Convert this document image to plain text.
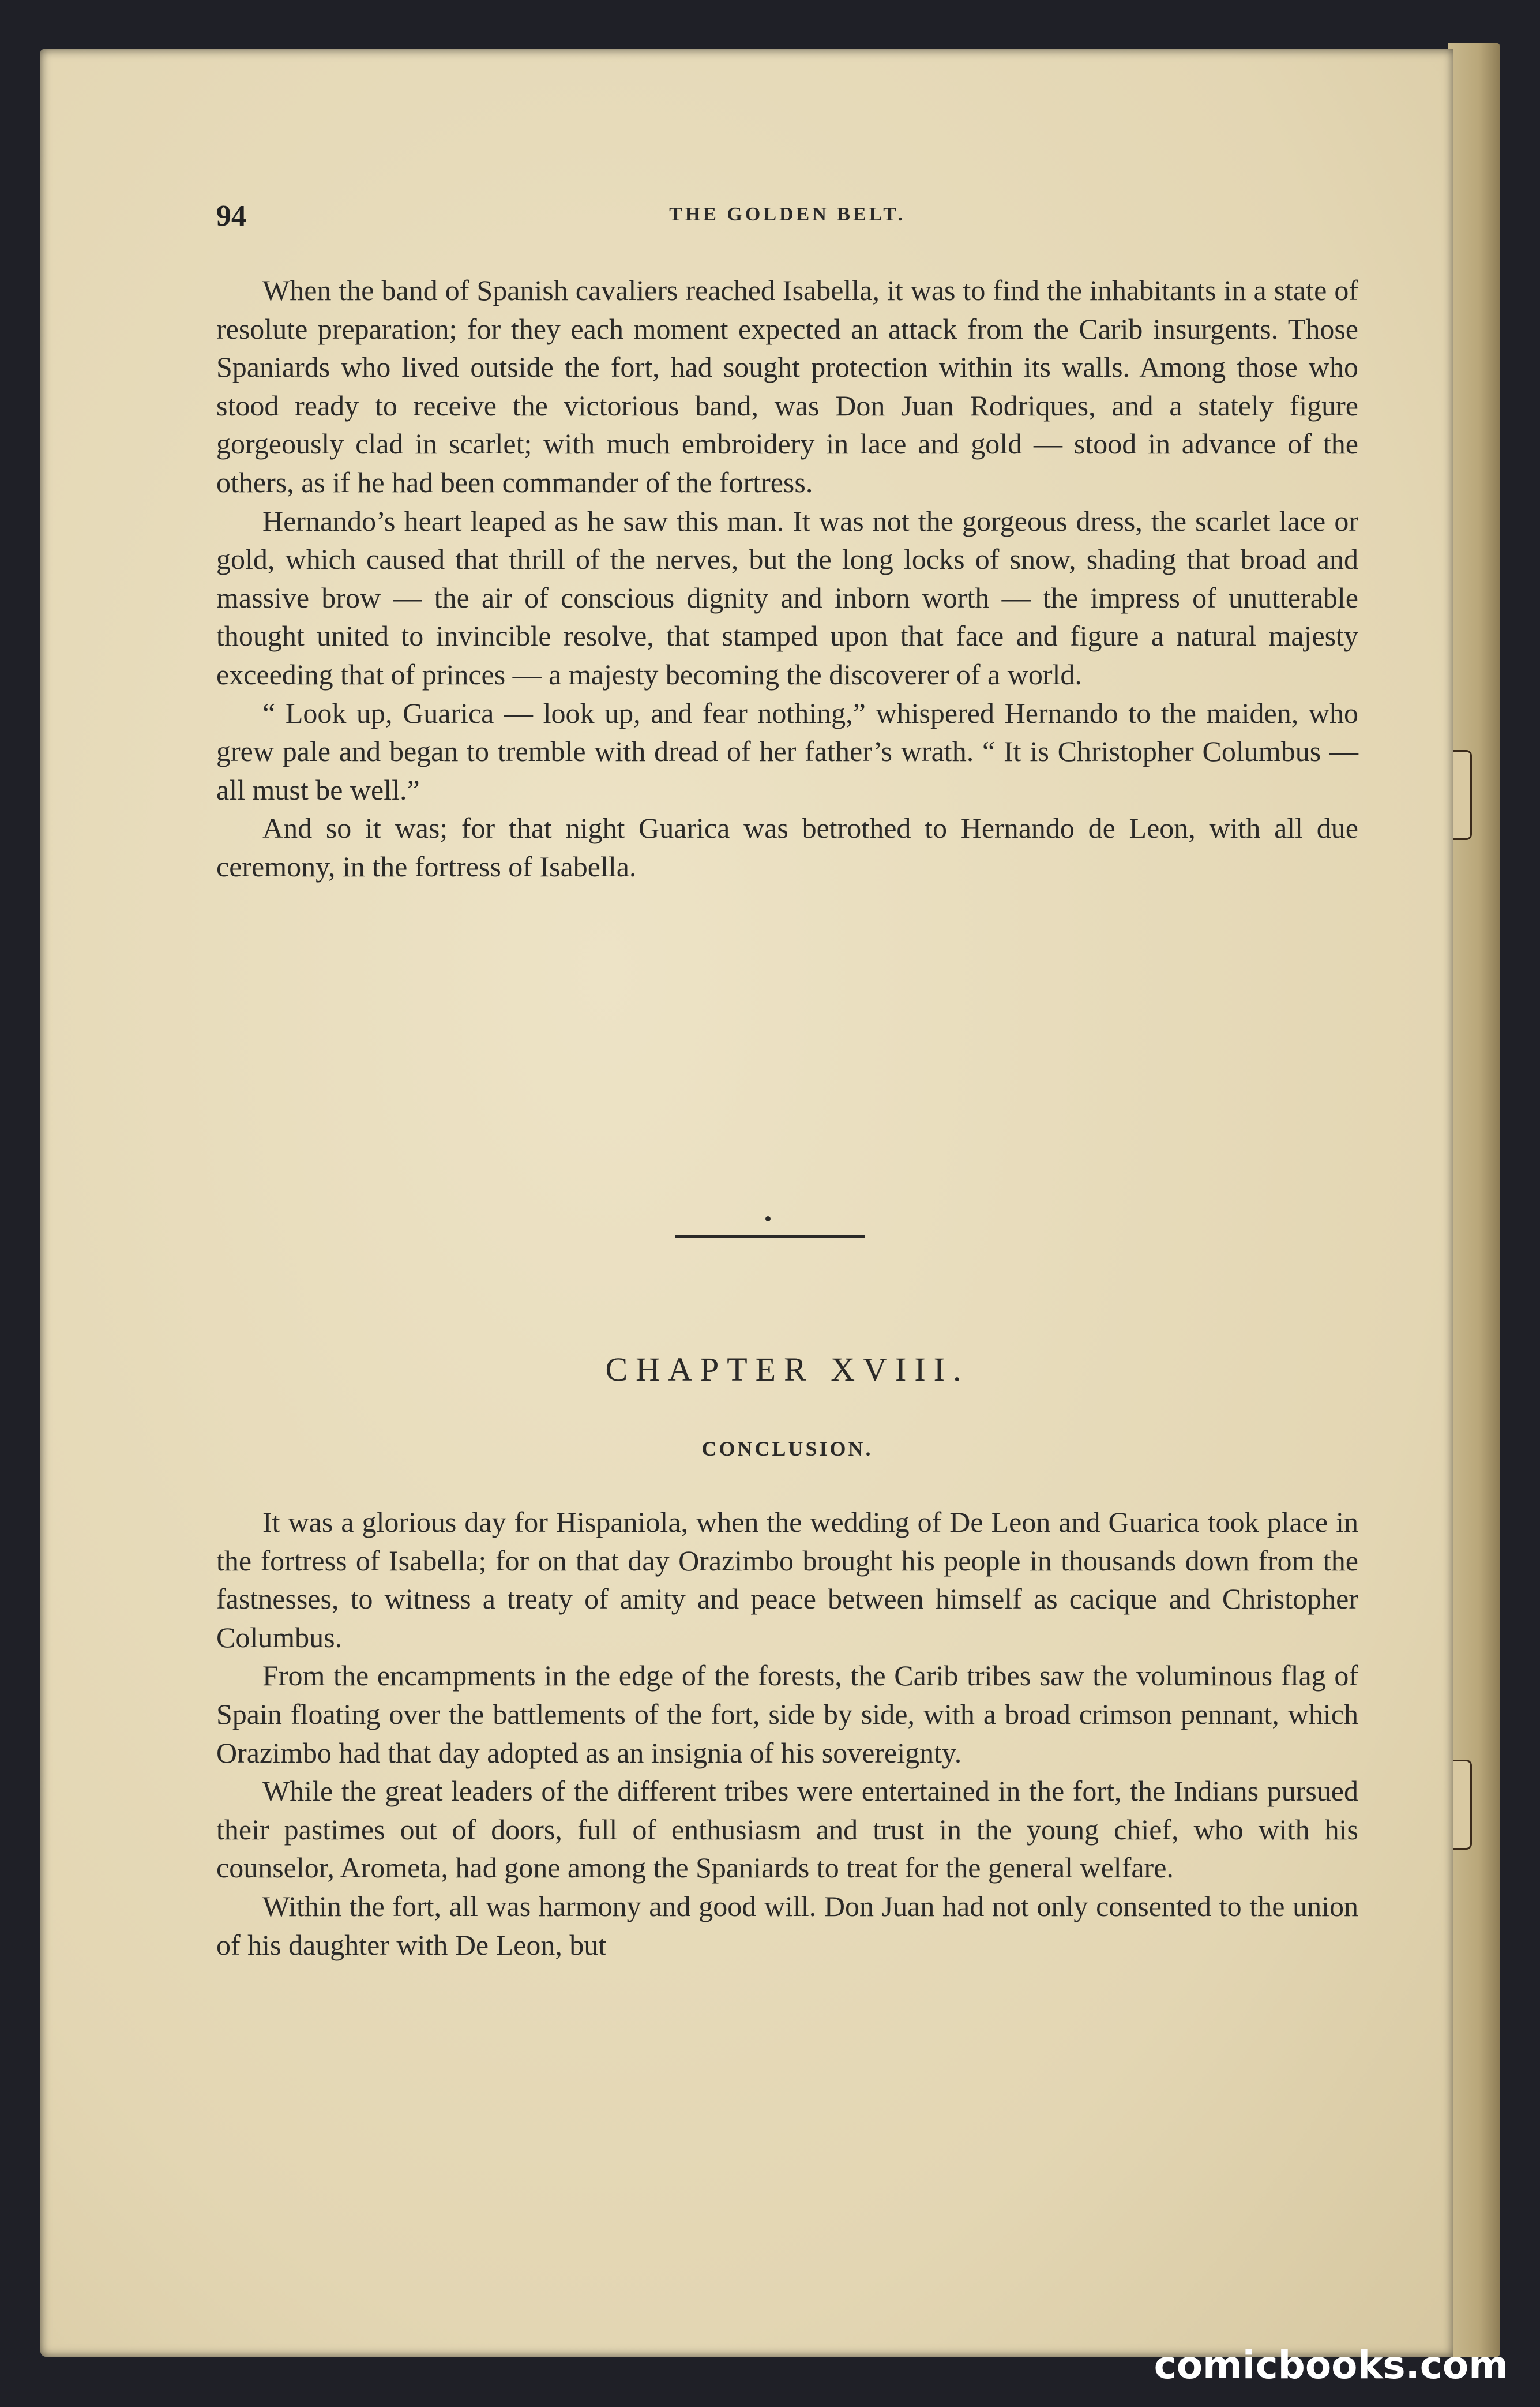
94	THE GOLDEN BELT.

When the band of Spanish cavaliers reached Isabella, it was to find the inhabitants in a state of resolute preparation; for they each moment expected an attack from the Carib insurgents. Those Spaniards who lived outside the fort, had sought protection within its walls. Among those who stood ready to receive the victorious band, was Don Juan Rodriques, and a stately figure gorgeously clad in scarlet; with much embroidery in lace and gold — stood in advance of the others, as if he had been commander of the fortress.

Hernando’s heart leaped as he saw this man. It was not the gorgeous dress, the scarlet lace or gold, which caused that thrill of the nerves, but the long locks of snow, shading that broad and massive brow — the air of conscious dignity and inborn worth — the impress of unutterable thought united to invincible resolve, that stamped upon that face and figure a natural majesty exceeding that of princes — a majesty becoming the discoverer of a world.

“ Look up, Guarica — look up, and fear nothing,” whispered Hernando to the maiden, who grew pale and began to tremble with dread of her father’s wrath. “ It is Christopher Columbus — all must be well.”

And so it was; for that night Guarica was betrothed to Hernando de Leon, with all due ceremony, in the fortress of Isabella.

CHAPTER XVIII.
CONCLUSION.

It was a glorious day for Hispaniola, when the wedding of De Leon and Guarica took place in the fortress of Isabella; for on that day Orazimbo brought his people in thousands down from the fastnesses, to witness a treaty of amity and peace between himself as cacique and Christopher Columbus.

From the encampments in the edge of the forests, the Carib tribes saw the voluminous flag of Spain floating over the battlements of the fort, side by side, with a broad crimson pennant, which Orazimbo had that day adopted as an insignia of his sovereignty.

While the great leaders of the different tribes were entertained in the fort, the Indians pursued their pastimes out of doors, full of enthusiasm and trust in the young chief, who with his counselor, Arometa, had gone among the Spaniards to treat for the general welfare.

Within the fort, all was harmony and good will. Don Juan had not only consented to the union of his daughter with De Leon, but

comicbooks.com
